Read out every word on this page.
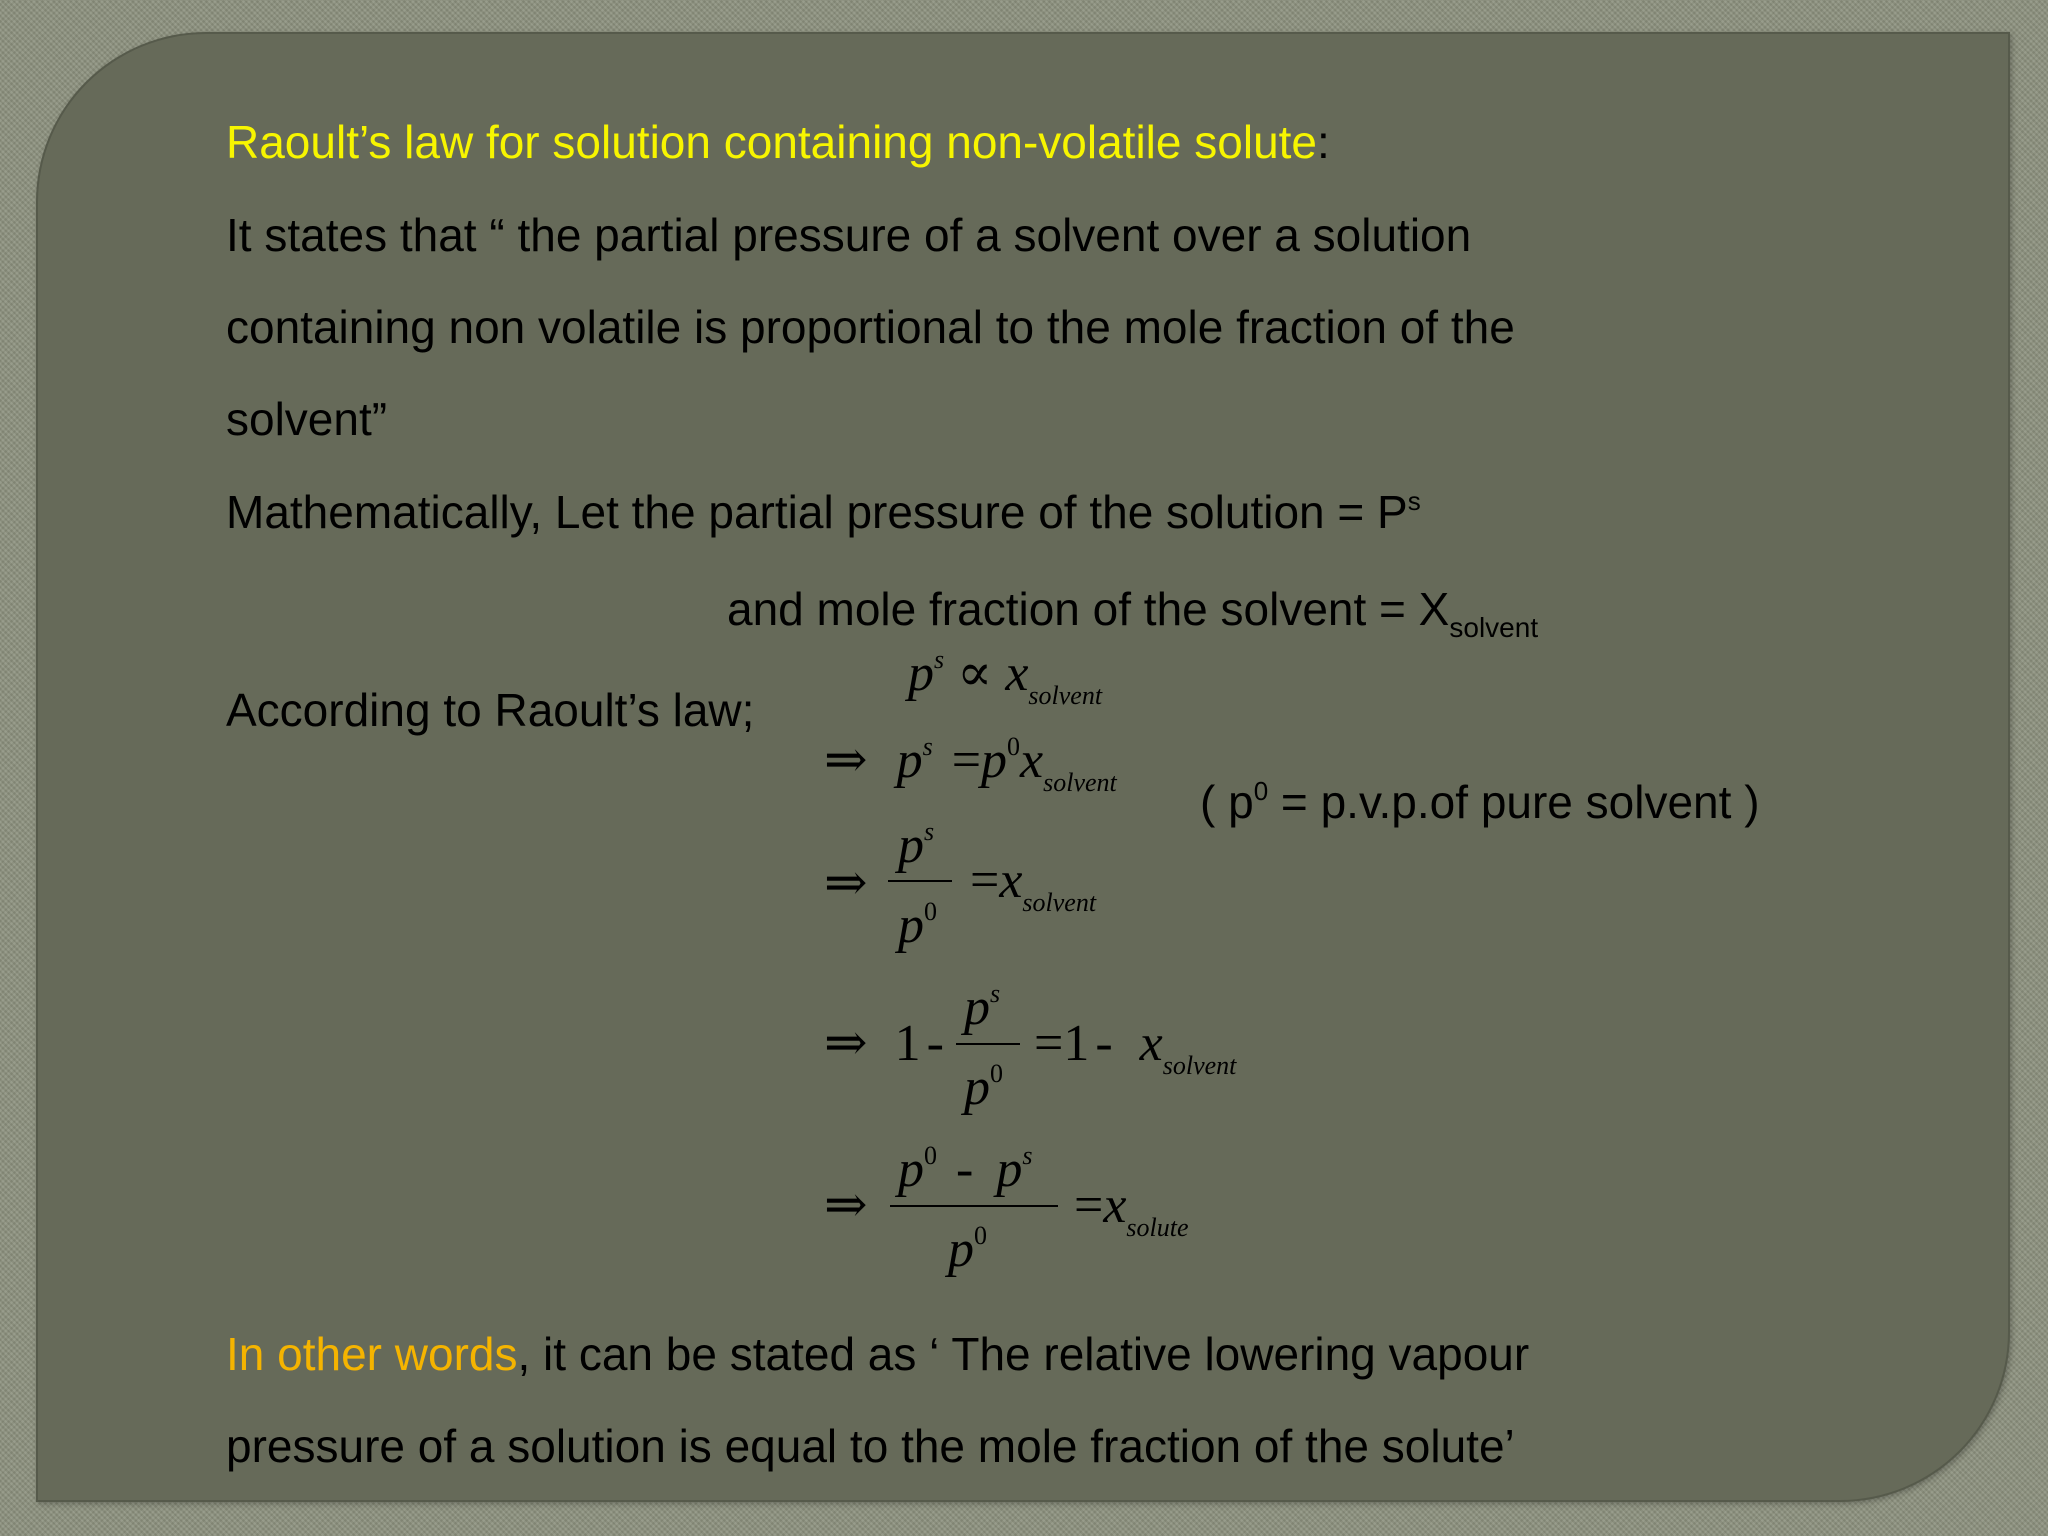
Raoult’s law for solution containing non-volatile solute:
It states that “ the partial pressure of a solvent over a solution
containing non volatile is proportional to the mole fraction of the
solvent”
Mathematically, Let the partial pressure of the solution = $P^s$
and mole fraction of the solvent = $X_{solvent}$
According to Raoult’s law;
$p^s \propto x_{solvent}$
⇒ $p^s =p^0x_{solvent}$ ( $p^0 = p.v.p.of$ pure solvent )
⇒
$p^s$
$p^0$
$=x_{solvent}$
⇒ 1 -
$p^s$
$p^0$
$=1 - x_{solvent}$
⇒
$p^0 - p^s$
$p^0$
$=x_{solute}$
In other words, it can be stated as ‘ The relative lowering vapour
pressure of a solution is equal to the mole fraction of the solute’
